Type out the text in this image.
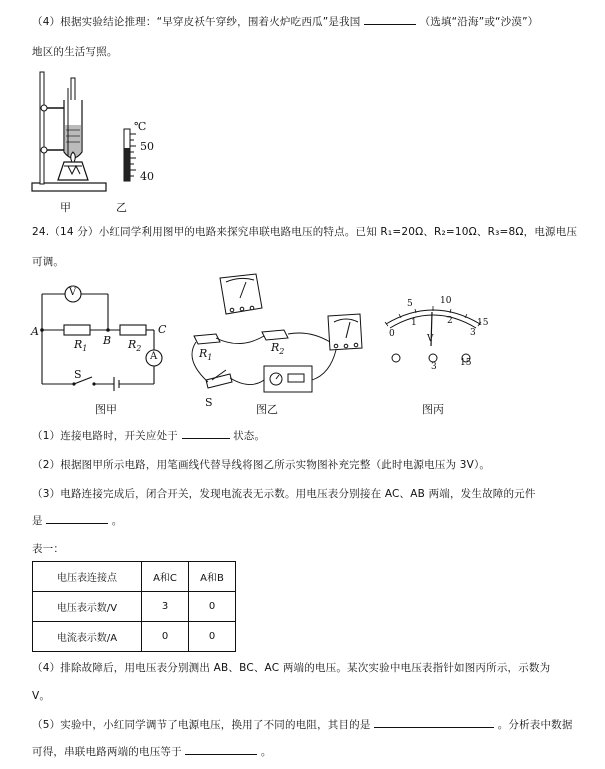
（4）根据实验结论推理：“早穿皮袄午穿纱，围着火炉吃西瓜”是我国	（选填“沿海”或“沙漠”）
地区的生活写照。
℃
50
40
甲	乙
24.（14 分）小红同学利用图甲的电路来探究串联电路电压的特点。已知 R₁=20Ω、R₂=10Ω、R₃=8Ω，电源电压
可调。
V
A
A
B
C
$R_1$	$R_2$
S
图甲
$R_1$
$R_2$
S
图乙
5	10
15
0
1	2
3
V
3	15
图丙
（1）连接电路时，开关应处于	状态。
（2）根据图甲所示电路，用笔画线代替导线将图乙所示实物图补充完整（此时电源电压为 3V）。
（3）电路连接完成后，闭合开关，发现电流表无示数。用电压表分别接在 AC、AB 两端，发生故障的元件
是	。
表一：
电压表连接点	A和C	A和B
电压表示数/V	3	0
电流表示数/A	0	0
（4）排除故障后，用电压表分别测出 AB、BC、AC 两端的电压。某次实验中电压表指针如图丙所示，示数为
V。
（5）实验中，小红同学调节了电源电压，换用了不同的电阻，其目的是	。分析表中数据
可得，串联电路两端的电压等于	。
